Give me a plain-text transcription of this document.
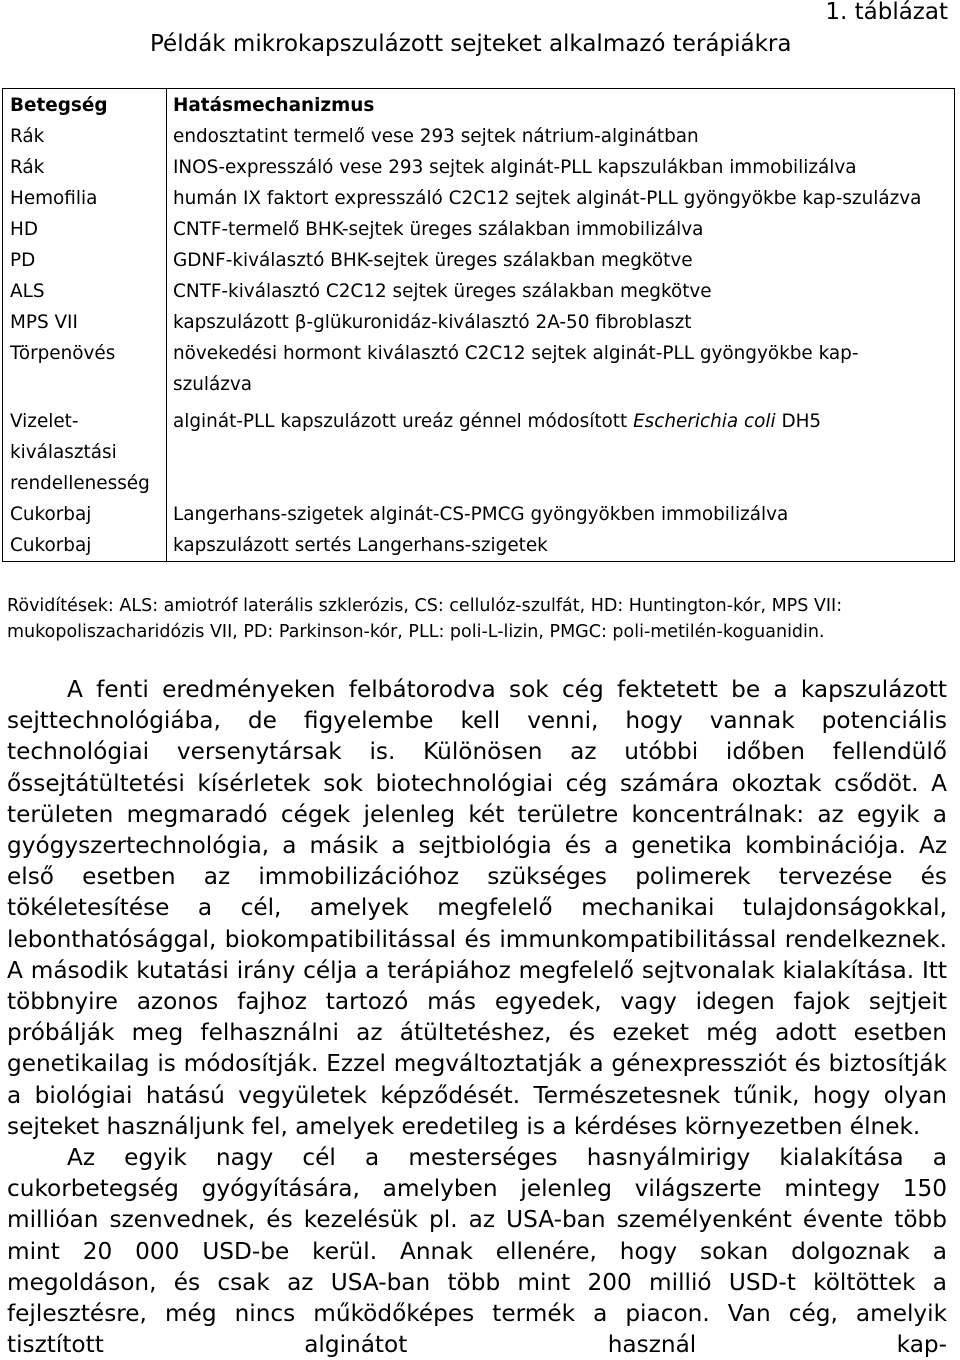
1. táblázat
Példák mikrokapszulázott sejteket alkalmazó terápiákra
Betegség	Hatásmechanizmus
Rák	endosztatint termelő vese 293 sejtek nátrium-alginátban
Rák	INOS-expresszáló vese 293 sejtek alginát-PLL kapszulákban immobilizálva
Hemofilia	humán IX faktort expresszáló C2C12 sejtek alginát-PLL gyöngyökbe kap-szulázva
HD	CNTF-termelő BHK-sejtek üreges szálakban immobilizálva
PD	GDNF-kiválasztó BHK-sejtek üreges szálakban megkötve
ALS	CNTF-kiválasztó C2C12 sejtek üreges szálakban megkötve
MPS VII	kapszulázott β-glükuronidáz-kiválasztó 2A-50 fibroblaszt
Törpenövés	növekedési hormont kiválasztó C2C12 sejtek alginát-PLL gyöngyökbe kap-szulázva
Vizelet-kiválasztási rendellenesség	alginát-PLL kapszulázott ureáz génnel módosított Escherichia coli DH5
Cukorbaj	Langerhans-szigetek alginát-CS-PMCG gyöngyökben immobilizálva
Cukorbaj	kapszulázott sertés Langerhans-szigetek
Rövidítések: ALS: amiotróf laterális szklerózis, CS: cellulóz-szulfát, HD: Huntington-kór, MPS VII: mukopoliszacharidózis VII, PD: Parkinson-kór, PLL: poli-L-lizin, PMGC: poli-metilén-koguanidin.

A fenti eredményeken felbátorodva sok cég fektetett be a kapszulázott sejttechnológiába, de figyelembe kell venni, hogy vannak potenciális technológiai versenytársak is. Különösen az utóbbi időben fellendülő őssejtátültetési kísérletek sok biotechnológiai cég számára okoztak csődöt. A területen megmaradó cégek jelenleg két területre koncentrálnak: az egyik a gyógyszertechnológia, a másik a sejtbiológia és a genetika kombinációja. Az első esetben az immobilizációhoz szükséges polimerek tervezése és tökéletesítése a cél, amelyek megfelelő mechanikai tulajdonságokkal, lebonthatósággal, biokompatibilitással és immunkompatibilitással rendelkeznek. A második kutatási irány célja a terápiához megfelelő sejtvonalak kialakítása. Itt többnyire azonos fajhoz tartozó más egyedek, vagy idegen fajok sejtjeit próbálják meg felhasználni az átültetéshez, és ezeket még adott esetben genetikailag is módosítják. Ezzel megváltoztatják a génexpressziót és biztosítják a biológiai hatású vegyületek képződését. Természetesnek tűnik, hogy olyan sejteket használjunk fel, amelyek eredetileg is a kérdéses környezetben élnek.

Az egyik nagy cél a mesterséges hasnyálmirigy kialakítása a cukorbetegség gyógyítására, amelyben jelenleg világszerte mintegy 150 millióan szenvednek, és kezelésük pl. az USA-ban személyenként évente több mint 20 000 USD-be kerül. Annak ellenére, hogy sokan dolgoznak a megoldáson, és csak az USA-ban több mint 200 millió USD-t költöttek a fejlesztésre, még nincs működőképes termék a piacon. Van cég, amelyik tisztított alginátot használ kap-
